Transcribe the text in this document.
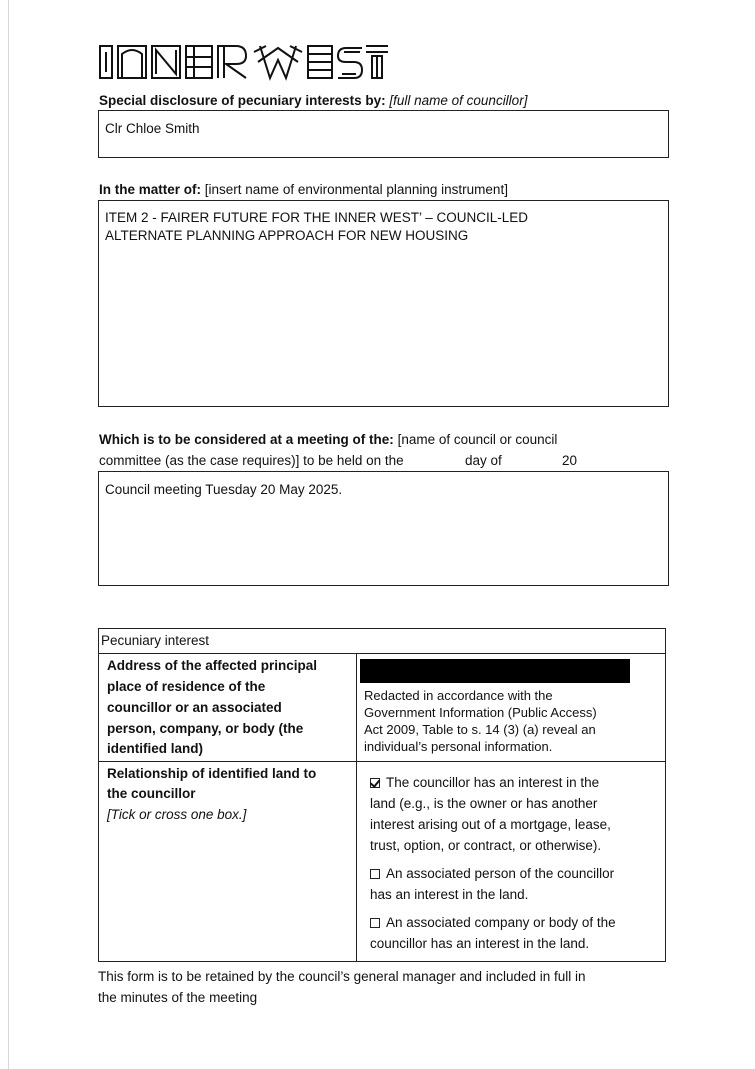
Special disclosure of pecuniary interests by: [full name of councillor]
Clr Chloe Smith
In the matter of: [insert name of environmental planning instrument]
ITEM 2 - FAIRER FUTURE FOR THE INNER WEST’ – COUNCIL-LED
ALTERNATE PLANNING APPROACH FOR NEW HOUSING
Which is to be considered at a meeting of the: [name of council or council
committee (as the case requires)] to be held on the	day of	20
Council meeting Tuesday 20 May 2025.
Pecuniary interest
Address of the affected principal
place of residence of the
councillor or an associated
person, company, or body (the
identified land)
Redacted in accordance with the
Government Information (Public Access)
Act 2009, Table to s. 14 (3) (a) reveal an
individual’s personal information.
Relationship of identified land to
the councillor
[Tick or cross one box.]
The councillor has an interest in the
land (e.g., is the owner or has another
interest arising out of a mortgage, lease,
trust, option, or contract, or otherwise).
An associated person of the councillor
has an interest in the land.
An associated company or body of the
councillor has an interest in the land.
This form is to be retained by the council’s general manager and included in full in
the minutes of the meeting
